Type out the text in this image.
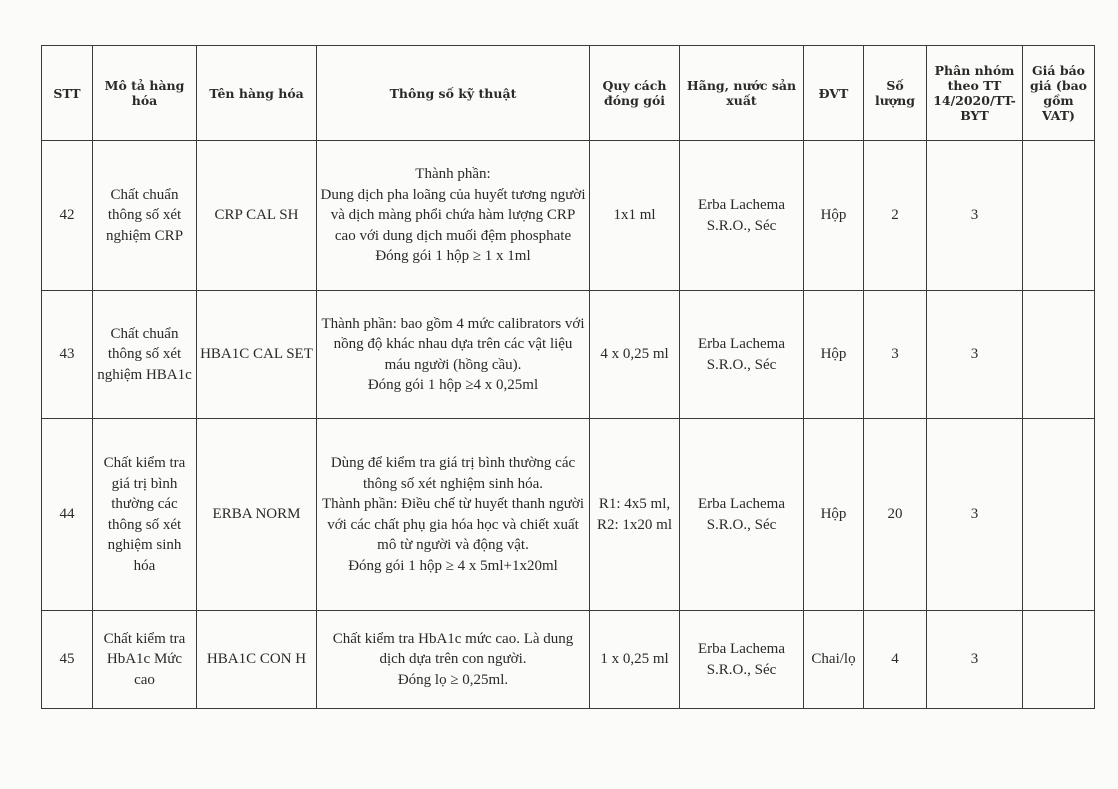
STT	Mô tả hàng hóa	Tên hàng hóa	Thông số kỹ thuật	Quy cách đóng gói	Hãng, nước sản xuất	ĐVT	Số lượng	Phân nhóm theo TT 14/2020/TT-BYT	Giá báo giá (bao gồm VAT)
42	Chất chuẩn thông số xét nghiệm CRP	CRP CAL SH	Thành phần:
Dung dịch pha loãng của huyết tương người và dịch màng phổi chứa hàm lượng CRP cao với dung dịch muối đệm phosphate
Đóng gói 1 hộp ≥ 1 x 1ml	1x1 ml	Erba Lachema S.R.O., Séc	Hộp	2	3	
43	Chất chuẩn thông số xét nghiệm HBA1c	HBA1C CAL SET	Thành phần: bao gồm 4 mức calibrators với nồng độ khác nhau dựa trên các vật liệu máu người (hồng cầu).
Đóng gói 1 hộp ≥4 x 0,25ml	4 x 0,25 ml	Erba Lachema S.R.O., Séc	Hộp	3	3	
44	Chất kiểm tra giá trị bình thường các thông số xét nghiệm sinh hóa	ERBA NORM	Dùng để kiểm tra giá trị bình thường các thông số xét nghiệm sinh hóa.
Thành phần: Điều chế từ huyết thanh người với các chất phụ gia hóa học và chiết xuất mô từ người và động vật.
Đóng gói 1 hộp ≥ 4 x 5ml+1x20ml	R1: 4x5 ml,
R2: 1x20 ml	Erba Lachema S.R.O., Séc	Hộp	20	3	
45	Chất kiểm tra HbA1c Mức cao	HBA1C CON H	Chất kiểm tra HbA1c mức cao. Là dung dịch dựa trên con người.
Đóng lọ ≥ 0,25ml.	1 x 0,25 ml	Erba Lachema S.R.O., Séc	Chai/lọ	4	3	
